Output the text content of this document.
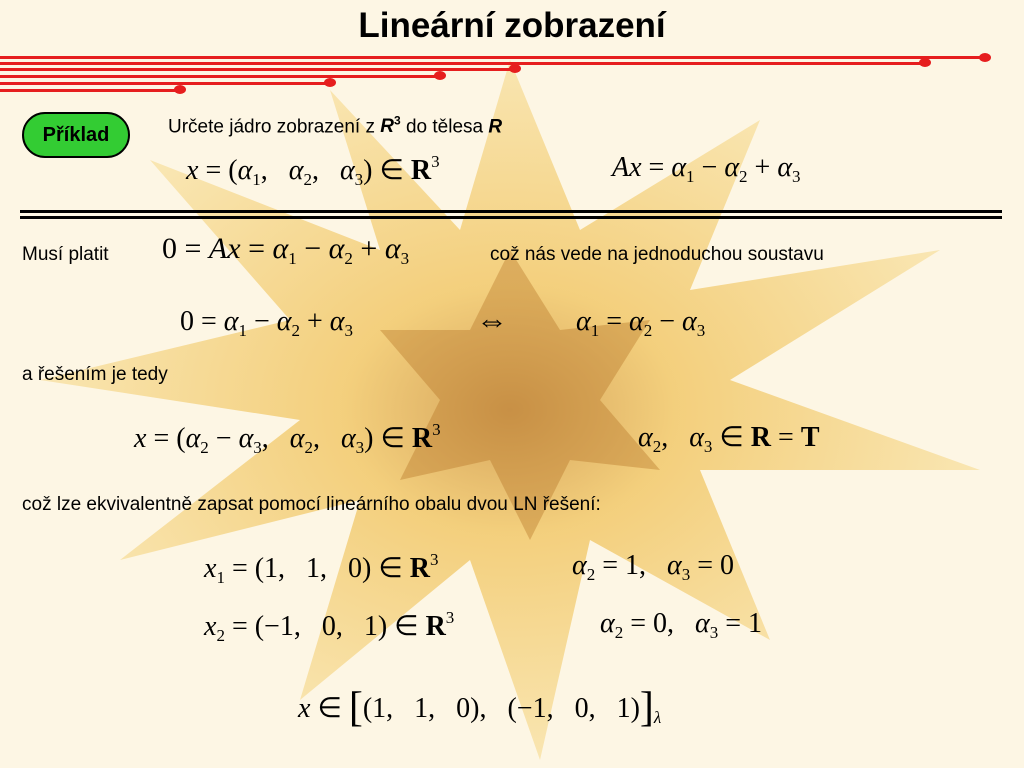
Lineární zobrazení
Příklad	Určete jádro zobrazení z $R^3$ do tělesa R
$x = (\alpha_1$,   $\alpha_2$,   $\alpha_3$) ∈ $R^3$	$Ax = \alpha_1 - \alpha_2 + \alpha_3$
Musí platit $0 = Ax = \alpha_1 - \alpha_2 + \alpha_3$	což nás vede na jednoduchou soustavu
$0 = \alpha_1 - \alpha_2 + \alpha_3$	⇔ $\alpha_1 = \alpha_2 - \alpha_3$
a řešením je tedy
$x = (\alpha_2 - \alpha_3$,   $\alpha_2$,   $\alpha_3$) ∈ $R^3$	$\alpha_2$,   $\alpha_3$ ∈ R = T
což lze ekvivalentně zapsat pomocí lineárního obalu dvou LN řešení:
$x_1 = (1$,   1,   0) ∈ $R^3$	$\alpha_2 = 1$,   $\alpha_3 = 0$
$x_2 = (-1$,   0,   1) ∈ $R^3$	$\alpha_2 = 0$,   $\alpha_3 = 1$
x ∈ [(1,   1,   0),   (−1,   0,   $1)]_\lambda$
